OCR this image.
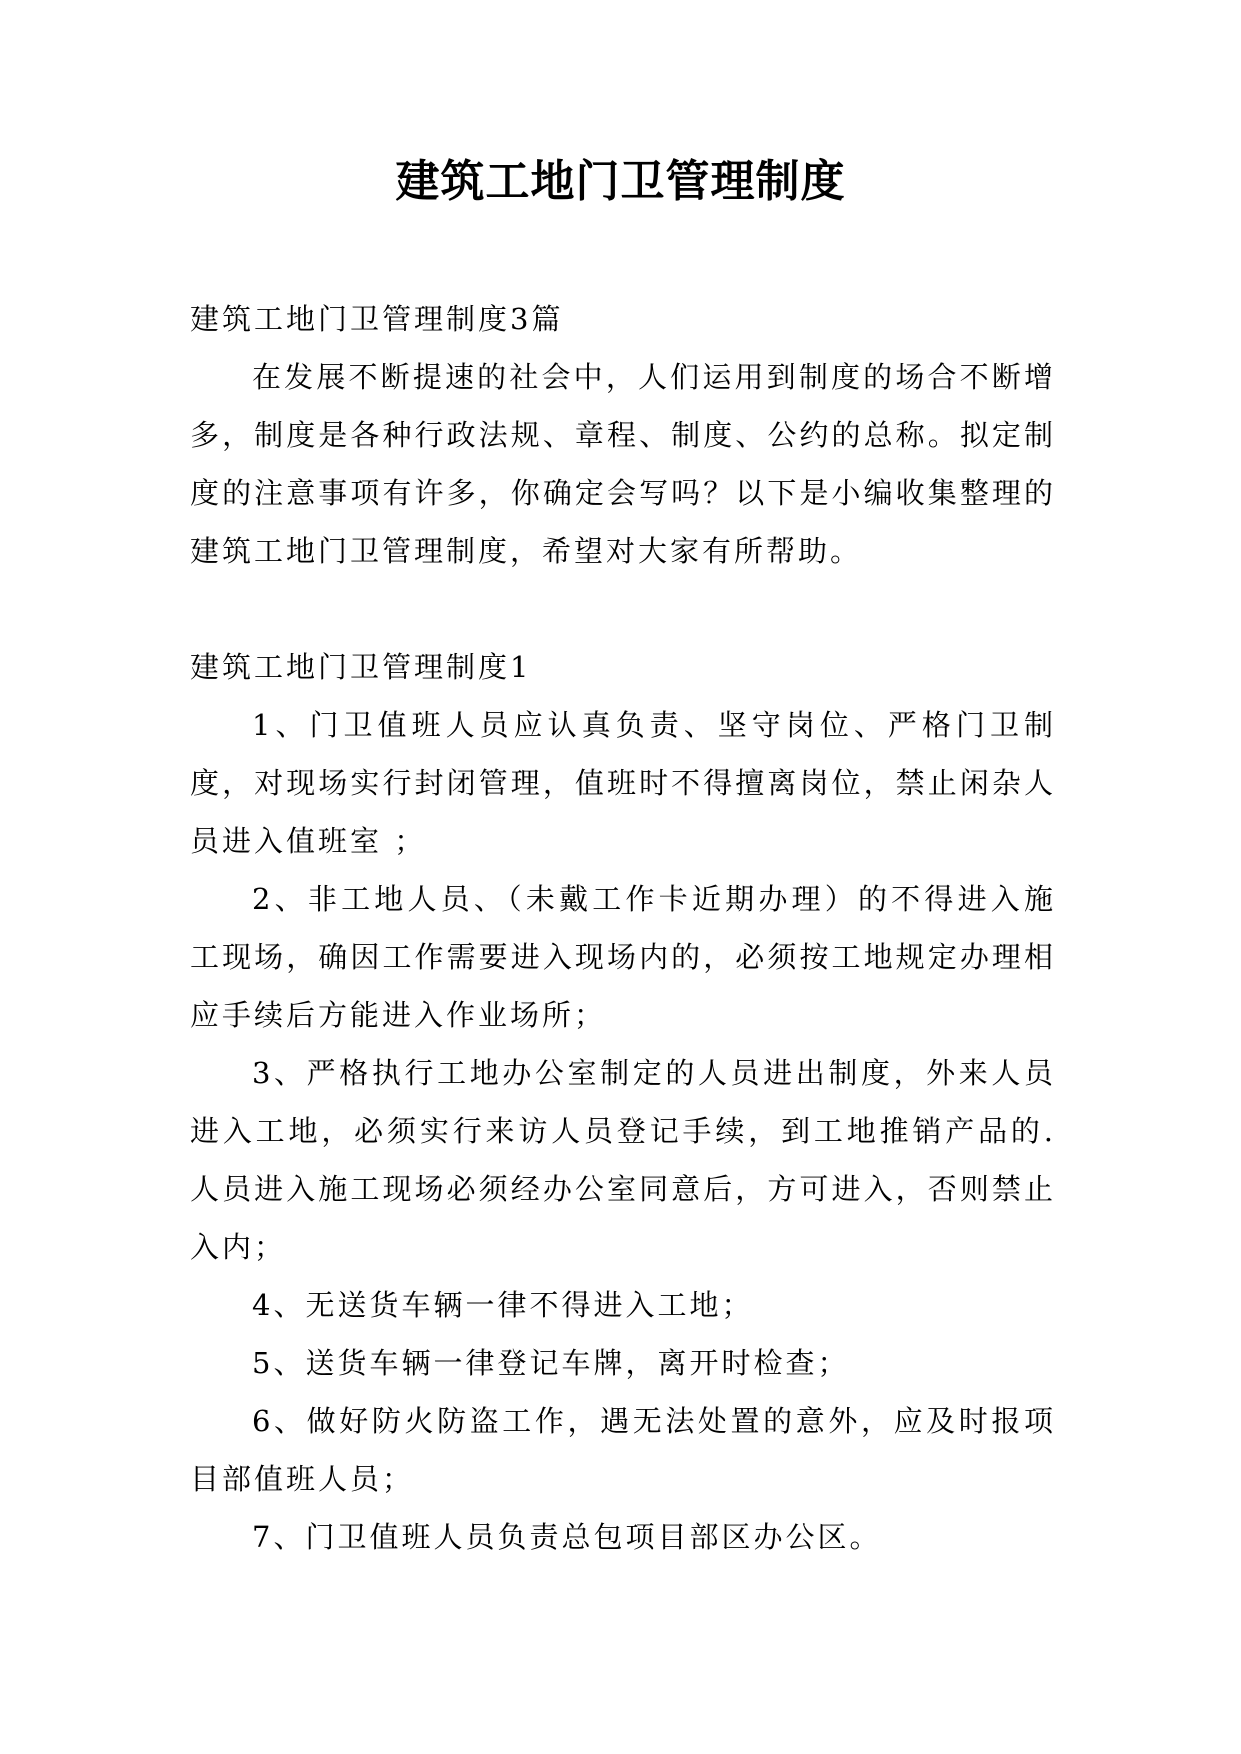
建筑工地门卫管理制度

建筑工地门卫管理制度3篇

在发展不断提速的社会中，人们运用到制度的场合不断增多，制度是各种行政法规、章程、制度、公约的总称。拟定制度的注意事项有许多，你确定会写吗？以下是小编收集整理的建筑工地门卫管理制度，希望对大家有所帮助。

建筑工地门卫管理制度1

1、门卫值班人员应认真负责、坚守岗位、严格门卫制度，对现场实行封闭管理，值班时不得擅离岗位，禁止闲杂人员进入值班室 ；

2、非工地人员、（未戴工作卡近期办理）的不得进入施工现场，确因工作需要进入现场内的，必须按工地规定办理相应手续后方能进入作业场所；

3、严格执行工地办公室制定的人员进出制度，外来人员进入工地，必须实行来访人员登记手续，到工地推销产品的.人员进入施工现场必须经办公室同意后，方可进入，否则禁止入内；

4、无送货车辆一律不得进入工地；

5、送货车辆一律登记车牌，离开时检查；

6、做好防火防盗工作，遇无法处置的意外，应及时报项目部值班人员；

7、门卫值班人员负责总包项目部区办公区。
